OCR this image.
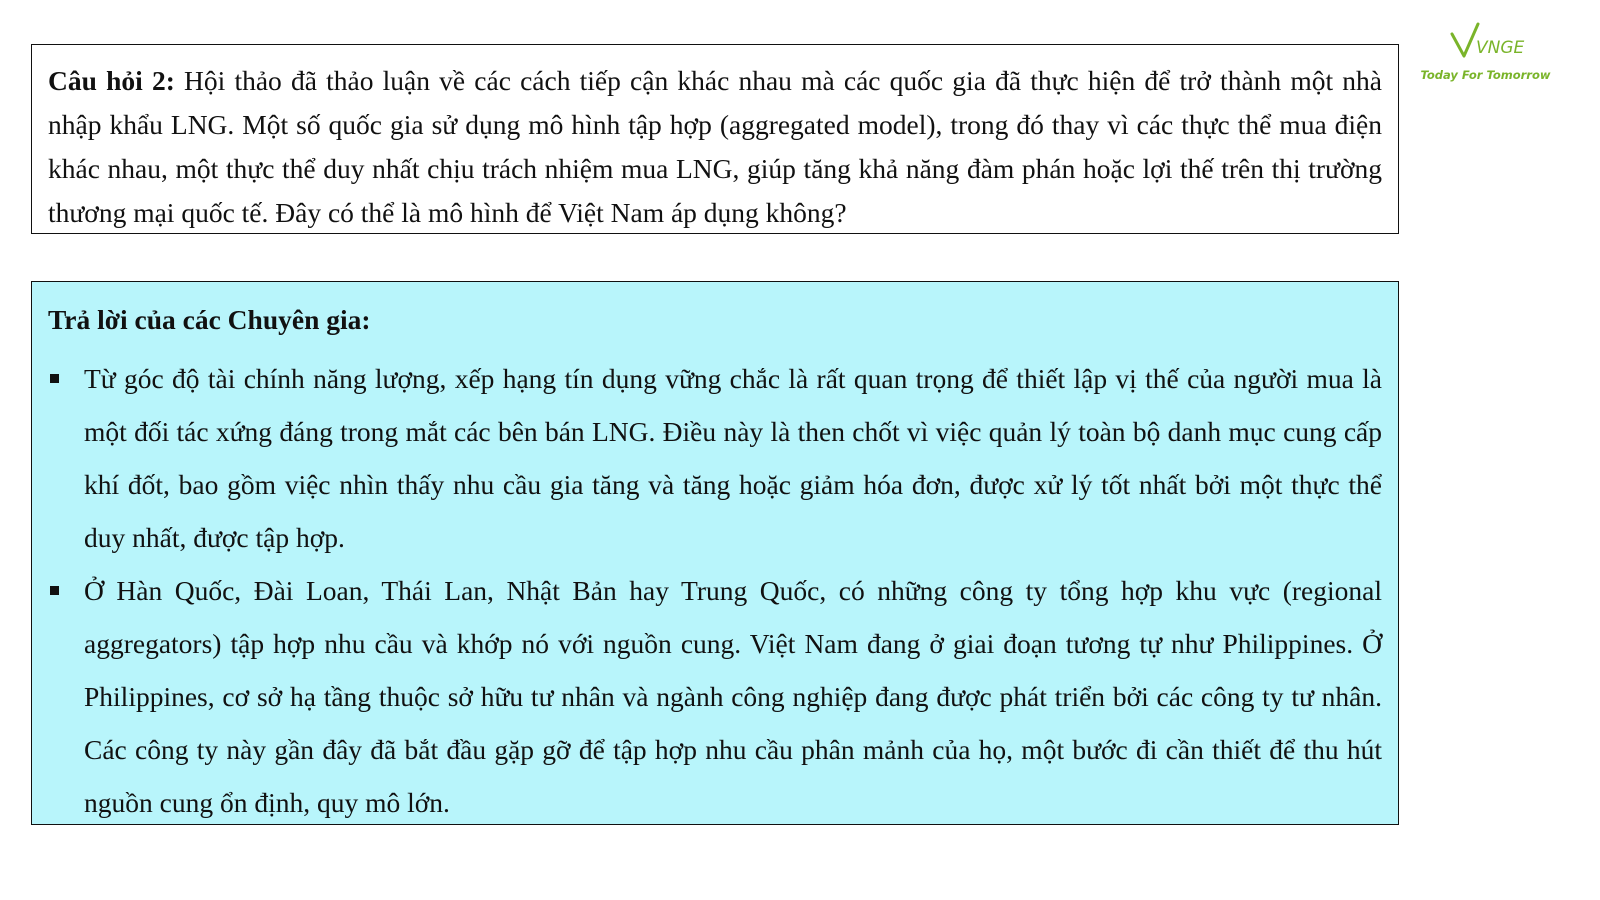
VNGE
Today For Tomorrow
Câu hỏi 2: Hội thảo đã thảo luận về các cách tiếp cận khác nhau mà các quốc gia đã thực hiện để trở thành một nhà nhập khẩu LNG. Một số quốc gia sử dụng mô hình tập hợp (aggregated model), trong đó thay vì các thực thể mua điện khác nhau, một thực thể duy nhất chịu trách nhiệm mua LNG, giúp tăng khả năng đàm phán hoặc lợi thế trên thị trường thương mại quốc tế. Đây có thể là mô hình để Việt Nam áp dụng không?
Trả lời của các Chuyên gia:
Từ góc độ tài chính năng lượng, xếp hạng tín dụng vững chắc là rất quan trọng để thiết lập vị thế của người mua là một đối tác xứng đáng trong mắt các bên bán LNG. Điều này là then chốt vì việc quản lý toàn bộ danh mục cung cấp khí đốt, bao gồm việc nhìn thấy nhu cầu gia tăng và tăng hoặc giảm hóa đơn, được xử lý tốt nhất bởi một thực thể duy nhất, được tập hợp.
Ở Hàn Quốc, Đài Loan, Thái Lan, Nhật Bản hay Trung Quốc, có những công ty tổng hợp khu vực (regional aggregators) tập hợp nhu cầu và khớp nó với nguồn cung. Việt Nam đang ở giai đoạn tương tự như Philippines. Ở Philippines, cơ sở hạ tầng thuộc sở hữu tư nhân và ngành công nghiệp đang được phát triển bởi các công ty tư nhân. Các công ty này gần đây đã bắt đầu gặp gỡ để tập hợp nhu cầu phân mảnh của họ, một bước đi cần thiết để thu hút nguồn cung ổn định, quy mô lớn.
